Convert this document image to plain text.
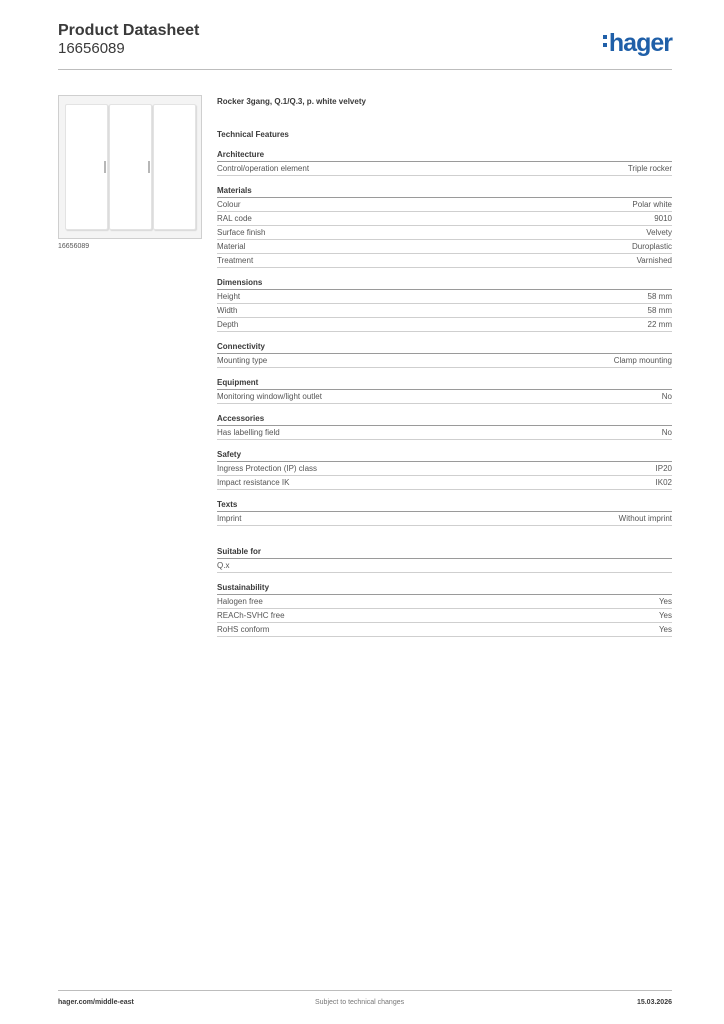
Product Datasheet
16656089	hager
16656089
Rocker 3gang, Q.1/Q.3, p. white velvety
Technical Features
Architecture
Control/operation element	Triple rocker
Materials
Colour	Polar white
RAL code	9010
Surface finish	Velvety
Material	Duroplastic
Treatment	Varnished
Dimensions
Height	58 mm
Width	58 mm
Depth	22 mm
Connectivity
Mounting type	Clamp mounting
Equipment
Monitoring window/light outlet	No
Accessories
Has labelling field	No
Safety
Ingress Protection (IP) class	IP20
Impact resistance IK	IK02
Texts
Imprint	Without imprint
Suitable for
Q.x
Sustainability
Halogen free	Yes
REACh-SVHC free	Yes
RoHS conform	Yes
hager.com/middle-east	Subject to technical changes	15.03.2026
